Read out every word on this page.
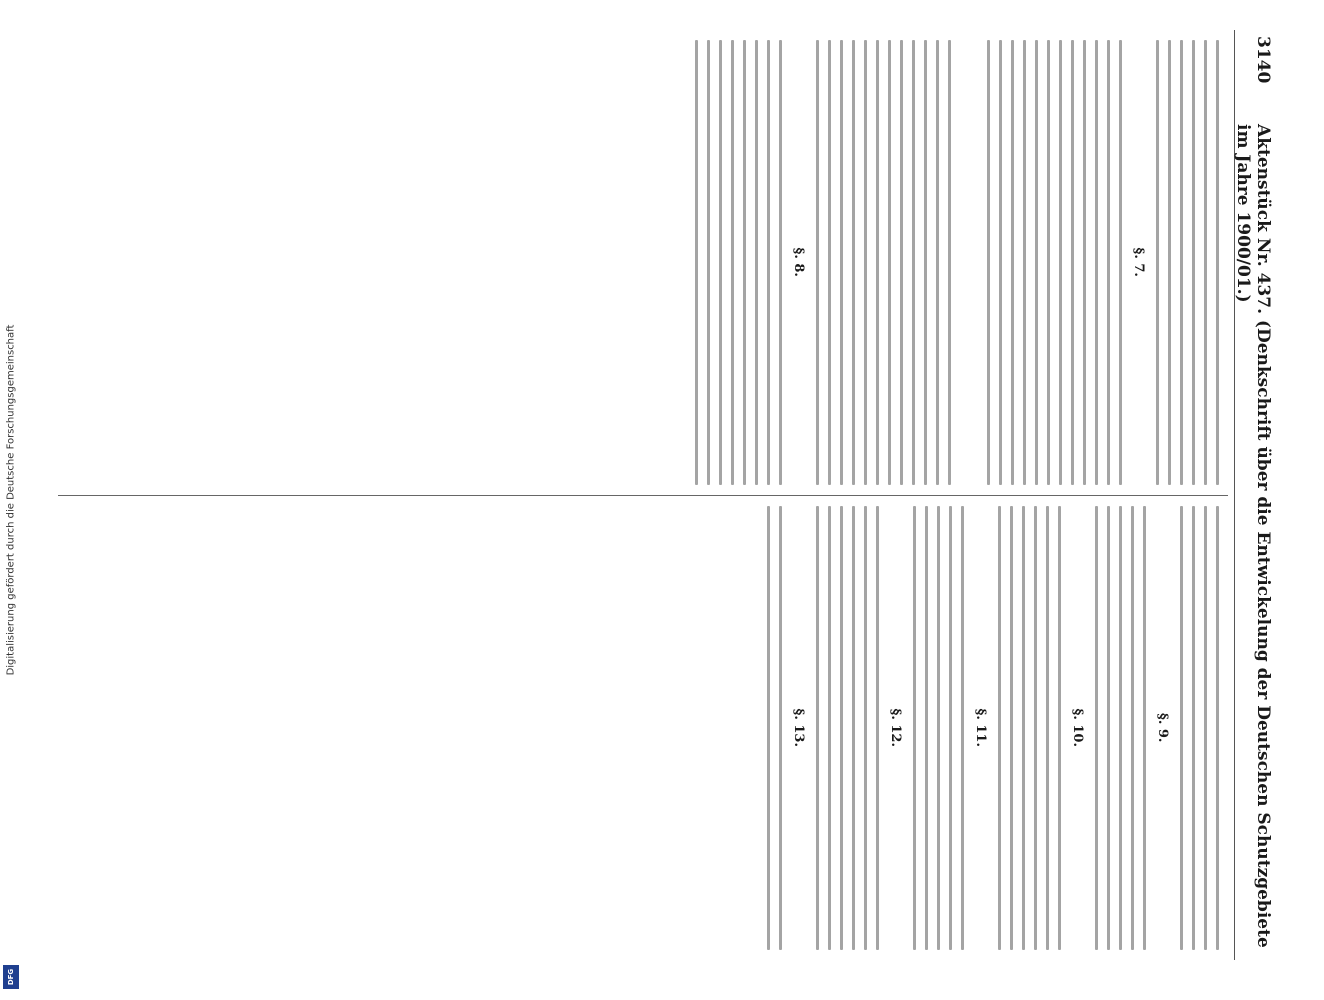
Digitalisierung gefördert durch die Deutsche Forschungsgemeinschaft
DFG
3140
Aktenstück Nr. 437. (Denkschrift über die Entwickelung der Deutschen Schutzgebiete im Jahre 1900/01.)
§. 7.
§. 8.
§. 9.
§. 10.
§. 11.
§. 12.
§. 13.
